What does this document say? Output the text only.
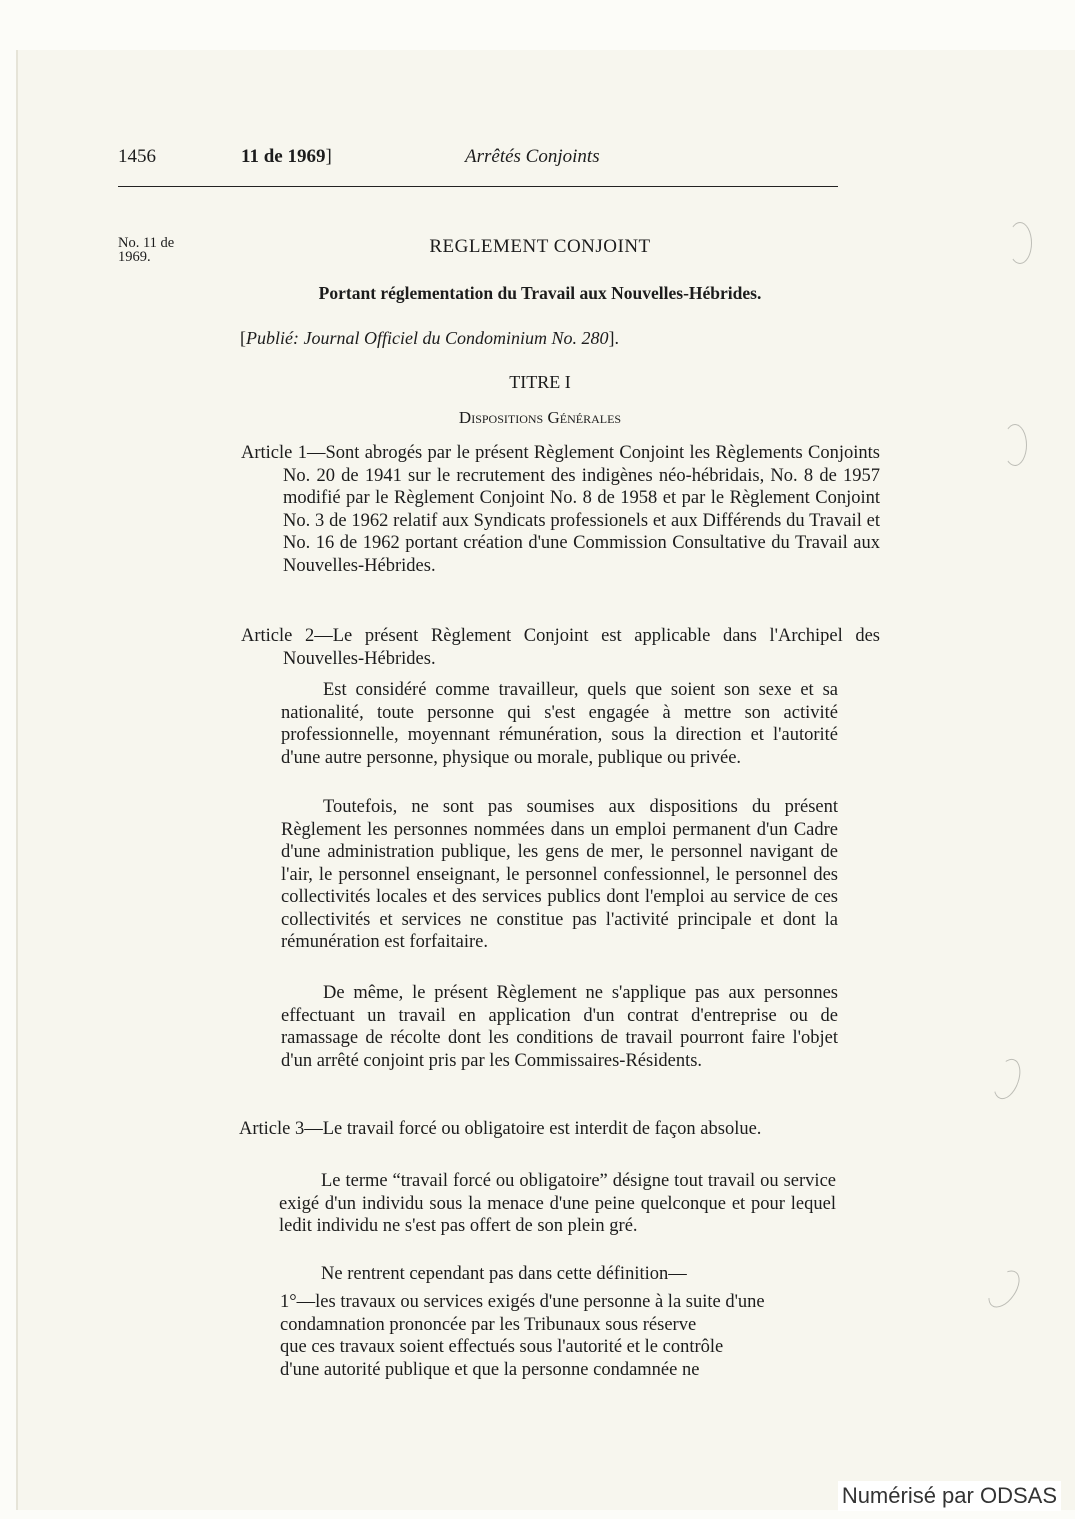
1456	11 de 1969]	Arrêtés Conjoints
No. 11 de
1969.	REGLEMENT CONJOINT
Portant réglementation du Travail aux Nouvelles-Hébrides.
[Publié: Journal Officiel du Condominium No. 280].
TITRE I
Dispositions Générales
Article 1—Sont abrogés par le présent Règlement Conjoint les Règlements Conjoints No. 20 de 1941 sur le recrutement des indigènes néo-hébridais, No. 8 de 1957 modifié par le Règlement Conjoint No. 8 de 1958 et par le Règlement Conjoint No. 3 de 1962 relatif aux Syndicats professionels et aux Différends du Travail et No. 16 de 1962 portant création d'une Commission Consultative du Travail aux Nouvelles-Hébrides.
Article 2—Le présent Règlement Conjoint est applicable dans l'Archipel des Nouvelles-Hébrides.
Est considéré comme travailleur, quels que soient son sexe et sa nationalité, toute personne qui s'est engagée à mettre son activité professionnelle, moyennant rémunération, sous la direction et l'autorité d'une autre personne, physique ou morale, publique ou privée.
Toutefois, ne sont pas soumises aux dispositions du présent Règlement les personnes nommées dans un emploi permanent d'un Cadre d'une administration publique, les gens de mer, le personnel navigant de l'air, le personnel enseignant, le personnel confessionnel, le personnel des collectivités locales et des services publics dont l'emploi au service de ces collectivités et services ne constitue pas l'activité principale et dont la rémunération est forfaitaire.
De même, le présent Règlement ne s'applique pas aux personnes effectuant un travail en application d'un contrat d'entreprise ou de ramassage de récolte dont les conditions de travail pourront faire l'objet d'un arrêté conjoint pris par les Commissaires-Résidents.
Article 3—Le travail forcé ou obligatoire est interdit de façon absolue.
Le terme “travail forcé ou obligatoire” désigne tout travail ou service exigé d'un individu sous la menace d'une peine quelconque et pour lequel ledit individu ne s'est pas offert de son plein gré.
Ne rentrent cependant pas dans cette définition—
1°—les travaux ou services exigés d'une personne à la suite d'une
condamnation prononcée par les Tribunaux sous réserve
que ces travaux soient effectués sous l'autorité et le contrôle
d'une autorité publique et que la personne condamnée ne
Numérisé par ODSAS
